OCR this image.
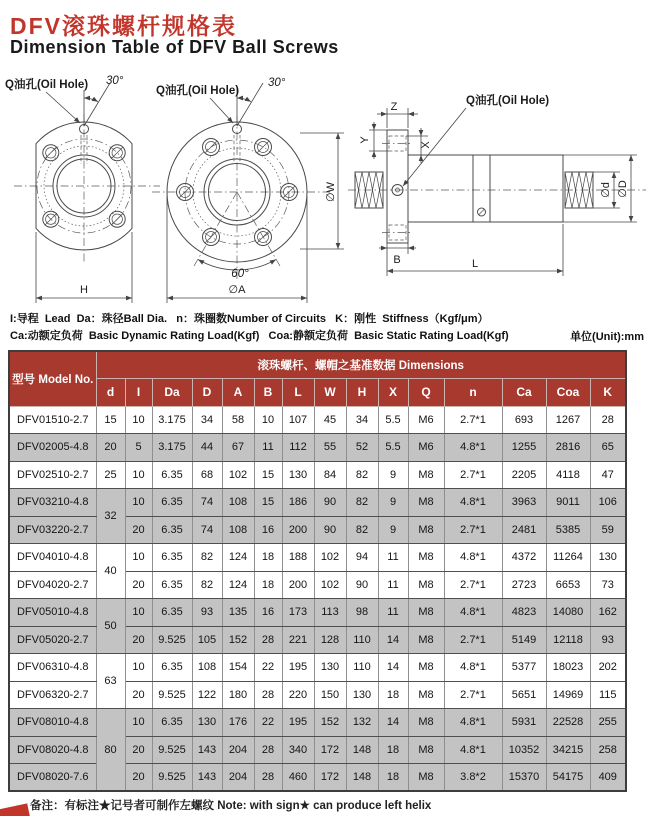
DFV滚珠螺杆规格表
Dimension Table of DFV Ball Screws
30°
Q油孔(Oil Hole)
H
30°
Q油孔(Oil Hole)
60°
∅A
∅W
Q油孔(Oil Hole)
Z
Y
X
B	L
∅d ∅D
I:导程  Lead  Da：珠径Ball Dia.   n：珠圈数Number of Circuits   K：刚性  Stiffness（Kgf/μm）
Ca:动额定负荷  Basic Dynamic Rating Load(Kgf)   Coa:静额定负荷  Basic Static Rating Load(Kgf)	单位(Unit):mm
型号 Model No.	滚珠螺杆、螺帽之基准数据 Dimensions														
	d	I	Da	D	A	B	L	W	H	X	Q	n	Ca	Coa	K
DFV01510-2.7	15	10	3.175	34	58	10	107	45	34	5.5	M6	2.7*1	693	1267	28
DFV02005-4.8	20	5	3.175	44	67	11	112	55	52	5.5	M6	4.8*1	1255	2816	65
DFV02510-2.7	25	10	6.35	68	102	15	130	84	82	9	M8	2.7*1	2205	4118	47
DFV03210-4.8	32	10	6.35	74	108	15	186	90	82	9	M8	4.8*1	3963	9011	106
DFV03220-2.7		20	6.35	74	108	16	200	90	82	9	M8	2.7*1	2481	5385	59
DFV04010-4.8	40	10	6.35	82	124	18	188	102	94	11	M8	4.8*1	4372	11264	130
DFV04020-2.7		20	6.35	82	124	18	200	102	90	11	M8	2.7*1	2723	6653	73
DFV05010-4.8	50	10	6.35	93	135	16	173	113	98	11	M8	4.8*1	4823	14080	162
DFV05020-2.7		20	9.525	105	152	28	221	128	110	14	M8	2.7*1	5149	12118	93
DFV06310-4.8	63	10	6.35	108	154	22	195	130	110	14	M8	4.8*1	5377	18023	202
DFV06320-2.7		20	9.525	122	180	28	220	150	130	18	M8	2.7*1	5651	14969	115
DFV08010-4.8	80	10	6.35	130	176	22	195	152	132	14	M8	4.8*1	5931	22528	255
DFV08020-4.8		20	9.525	143	204	28	340	172	148	18	M8	4.8*1	10352	34215	258
DFV08020-7.6		20	9.525	143	204	28	460	172	148	18	M8	3.8*2	15370	54175	409
备注：有标注★记号者可制作左螺纹 Note: with sign★ can produce left helix
